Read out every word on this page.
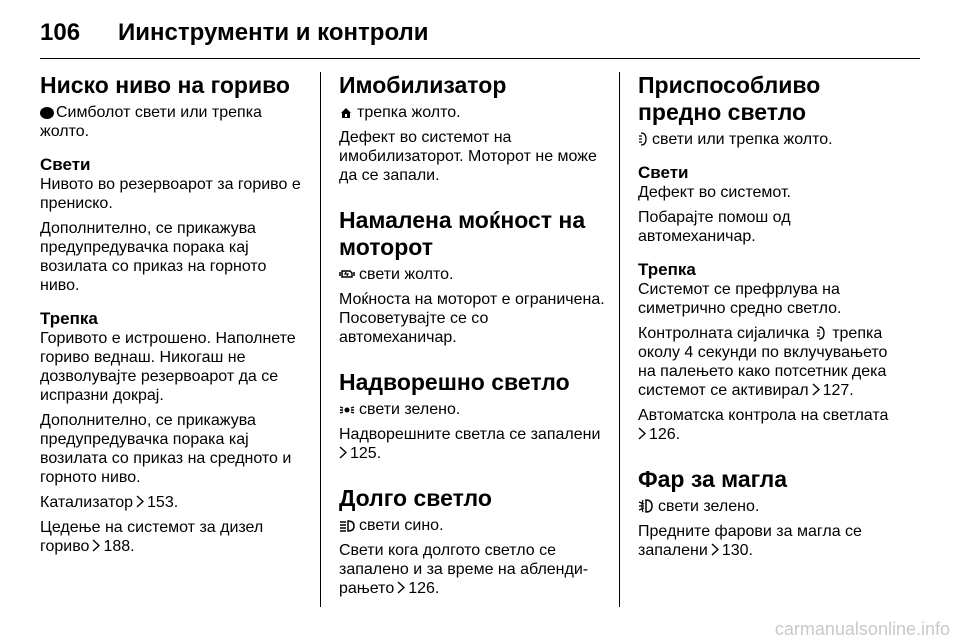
106	Иинструменти и контроли
Ниско ниво на гориво
Симболот свети или трепка жолто.
Свети
Нивото во резервоарот за гориво е прениско.
Дополнително, се прикажува предупредувачка порака кај возилата со приказ на горното ниво.
Трепка
Горивото е истрошено. Наполнете гориво веднаш. Никогаш не дозволувајте резервоарот да се испразни докрај.
Дополнително, се прикажува предупредувачка порака кај возилата со приказ на средното и горното ниво.
Катализатор 153.
Цедење на системот за дизел гориво 188.
Имобилизатор
трепка жолто.
Дефект во системот на имобилизаторот. Моторот не може да се запали.
Намалена моќност на моторот
свети жолто.
Моќноста на моторот е ограничена. Посоветувајте се со автомеханичар.
Надворешно светло
свети зелено.
Надворешните светла се запалени
125.
Долго светло
свети сино.
Свети кога долгото светло се запалено и за време на аблендирањето 126.
Приспособливо предно светло
свети или трепка жолто.
Свети
Дефект во системот.
Побарајте помош од автомеханичар.
Трепка
Системот се префрлува на симетрично средно светло.
Контролната сијаличка трепка околу 4 секунди по вклучувањето на палењето како потсетник дека системот се активирал 127.
Автоматска контрола на светлата
126.
Фар за магла
свети зелено.
Предните фарови за магла се запалени 130.
carmanualsonline.info
